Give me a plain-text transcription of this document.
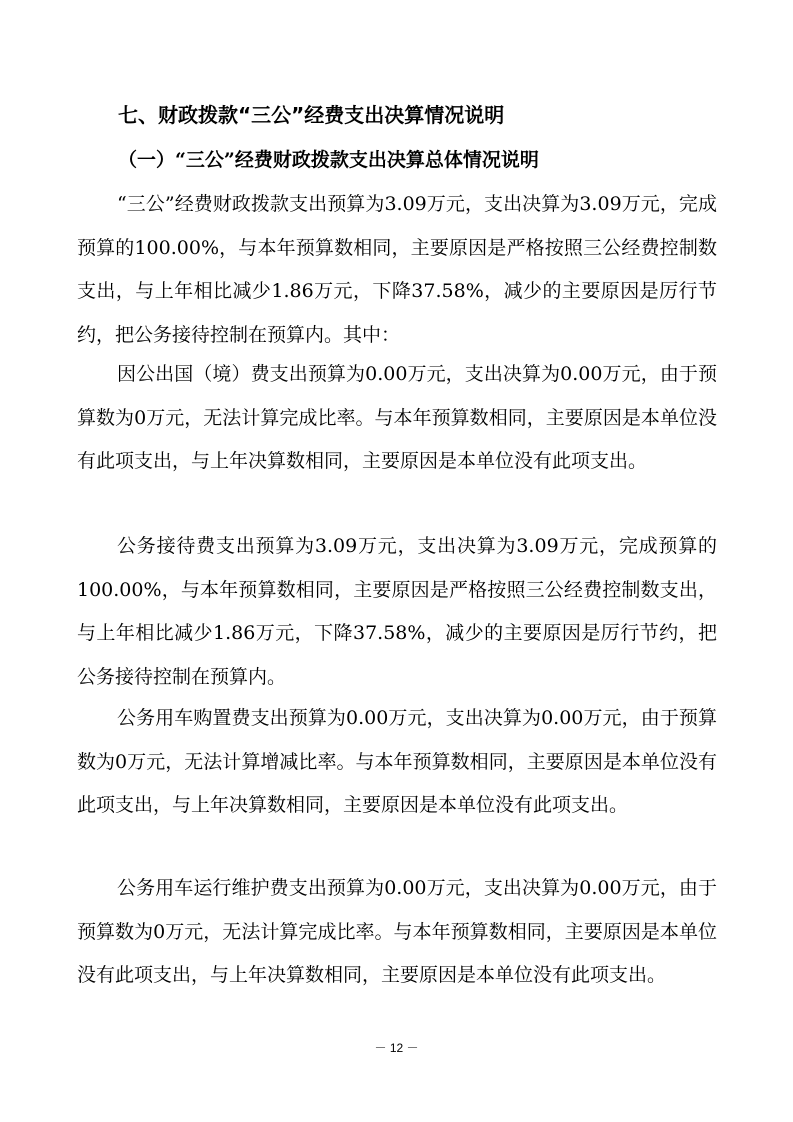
七、财政拨款“三公”经费支出决算情况说明
（一）“三公”经费财政拨款支出决算总体情况说明

“三公”经费财政拨款支出预算为3.09万元，支出决算为3.09万元，完成预算的100.00%，与本年预算数相同，主要原因是严格按照三公经费控制数支出，与上年相比减少1.86万元，下降37.58%，减少的主要原因是厉行节约，把公务接待控制在预算内。其中：

因公出国（境）费支出预算为0.00万元，支出决算为0.00万元，由于预算数为0万元，无法计算完成比率。与本年预算数相同，主要原因是本单位没有此项支出，与上年决算数相同，主要原因是本单位没有此项支出。

公务接待费支出预算为3.09万元，支出决算为3.09万元，完成预算的100.00%，与本年预算数相同，主要原因是严格按照三公经费控制数支出，与上年相比减少1.86万元，下降37.58%，减少的主要原因是厉行节约，把公务接待控制在预算内。

公务用车购置费支出预算为0.00万元，支出决算为0.00万元，由于预算数为0万元，无法计算增减比率。与本年预算数相同，主要原因是本单位没有此项支出，与上年决算数相同，主要原因是本单位没有此项支出。

公务用车运行维护费支出预算为0.00万元，支出决算为0.00万元，由于预算数为0万元，无法计算完成比率。与本年预算数相同，主要原因是本单位没有此项支出，与上年决算数相同，主要原因是本单位没有此项支出。

－ 12 －
